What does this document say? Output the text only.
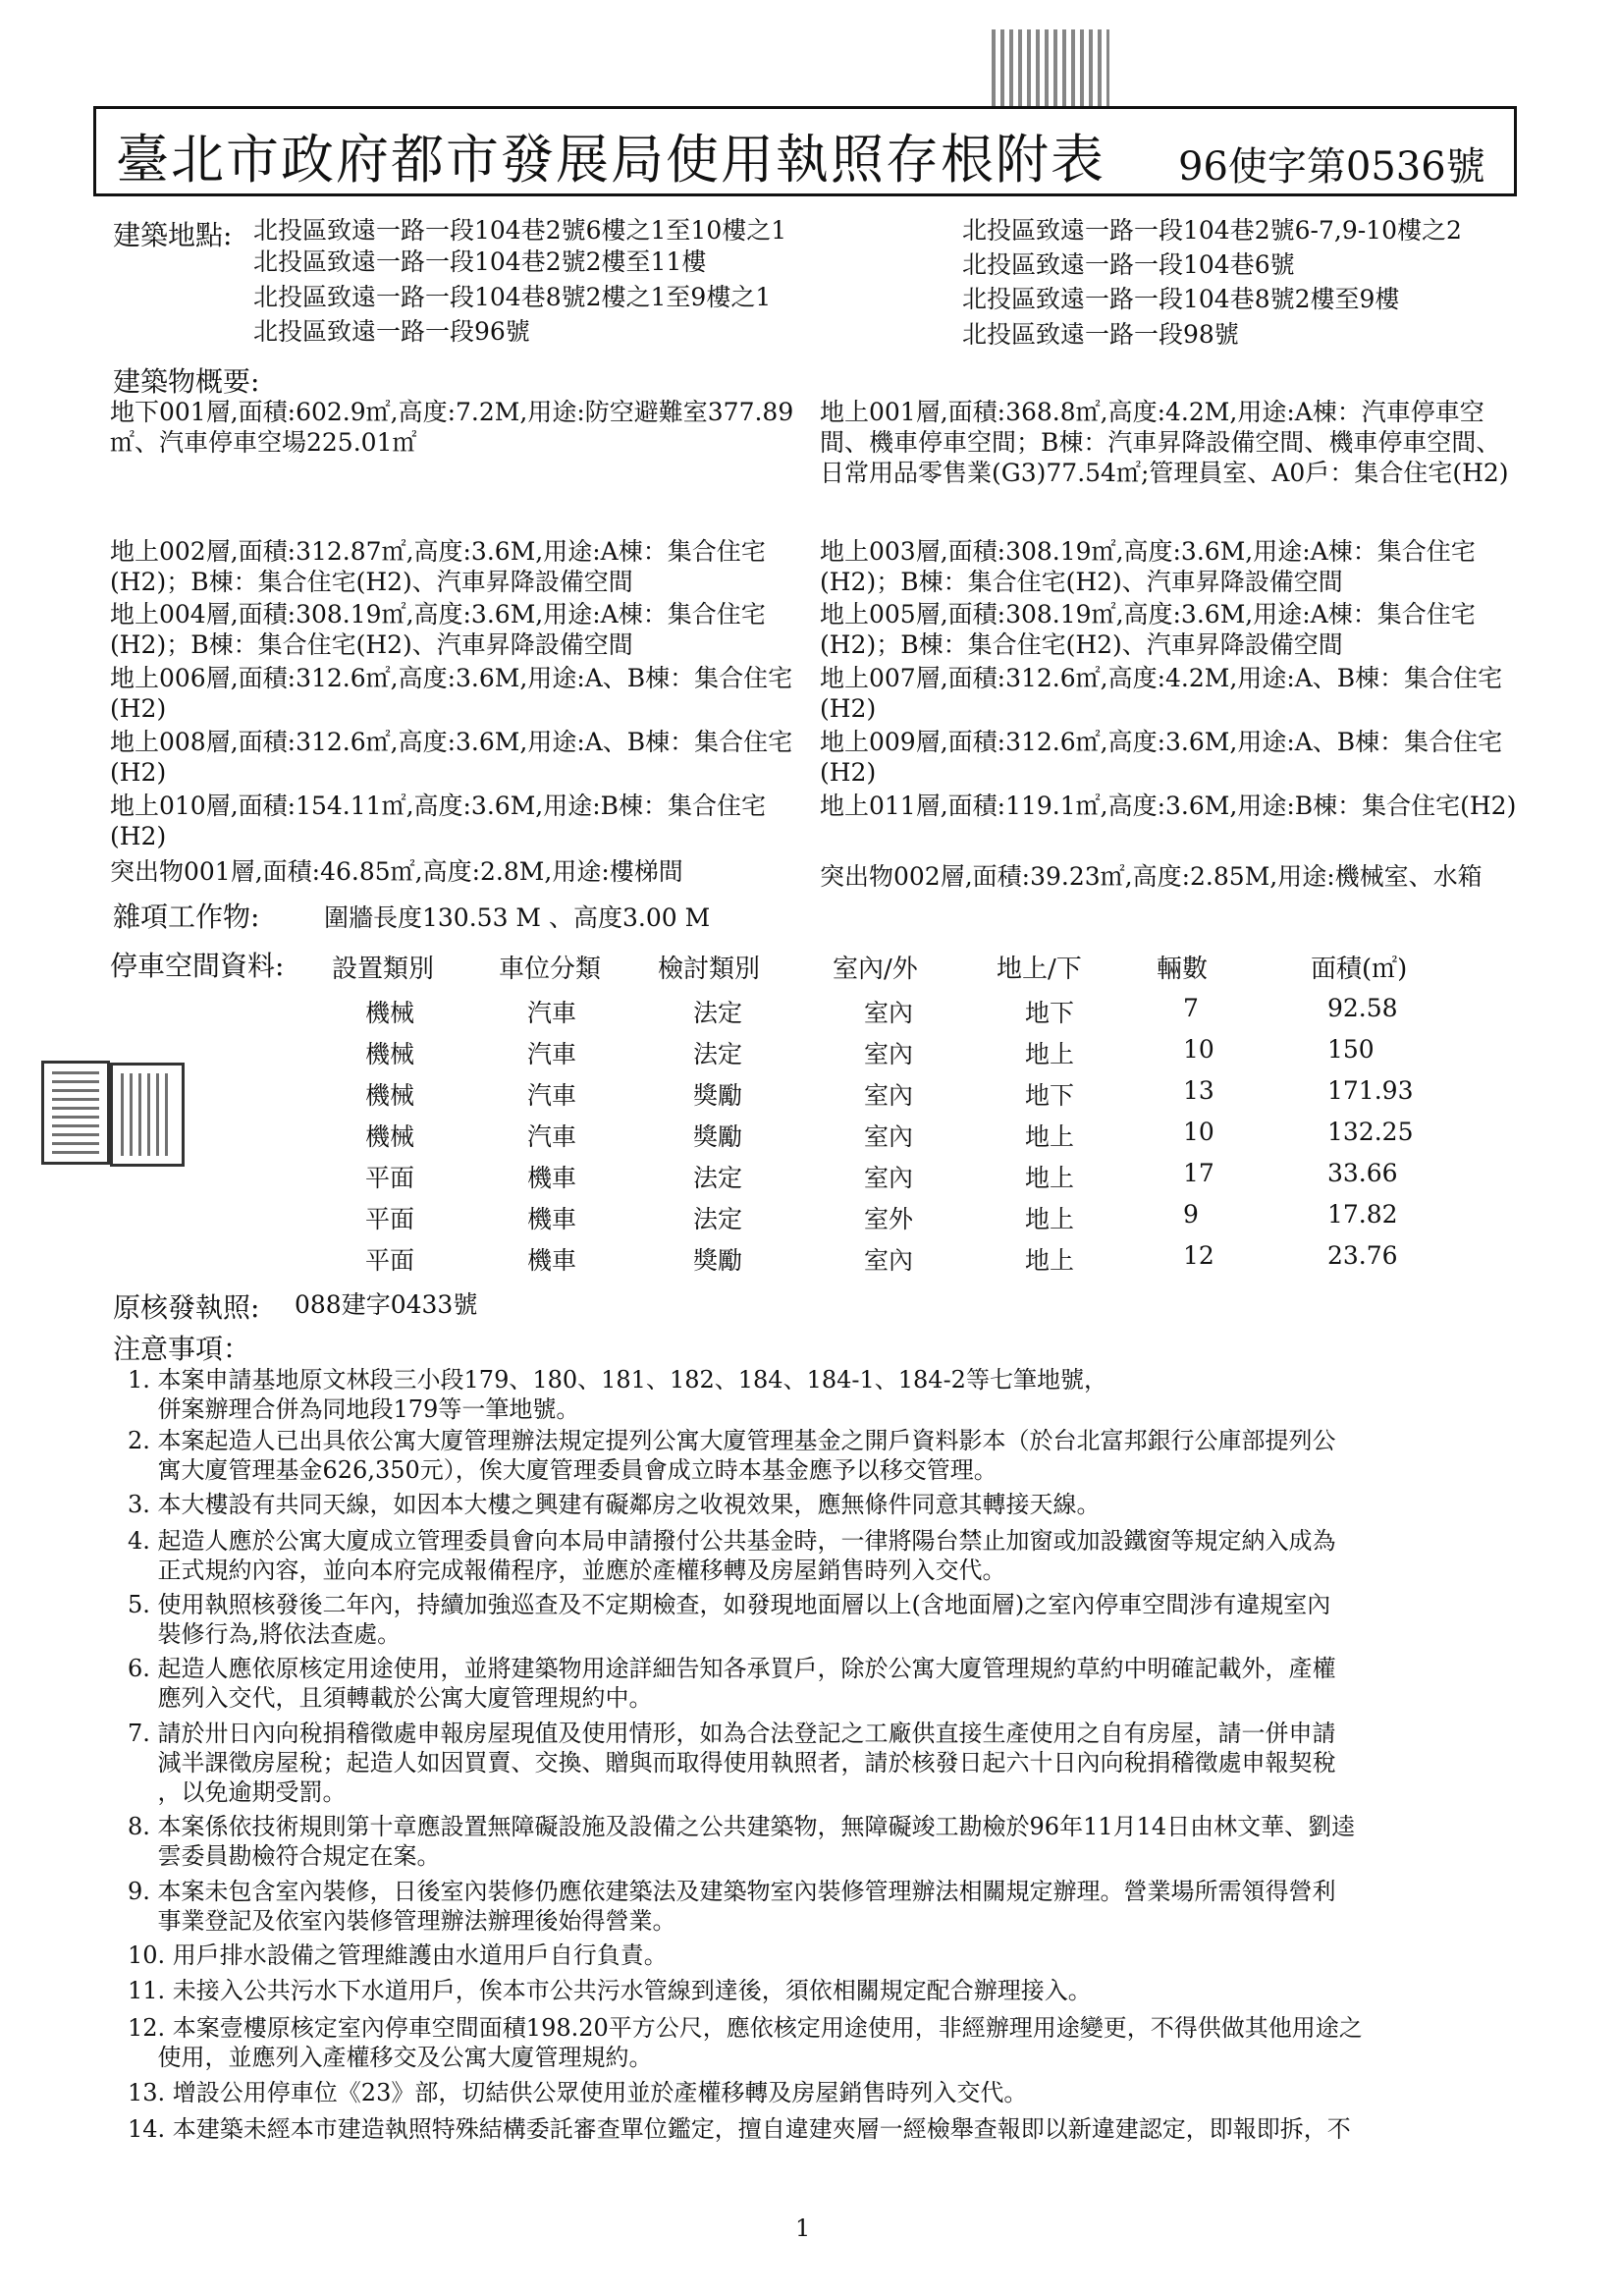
臺北市政府都市發展局使用執照存根附表 96使字第0536號
建築地點: 北投區致遠一路一段104巷2號6樓之1至10樓之1
北投區致遠一路一段104巷2號2樓至11樓
北投區致遠一路一段104巷8號2樓之1至9樓之1
北投區致遠一路一段96號
北投區致遠一路一段104巷2號6-7,9-10樓之2
北投區致遠一路一段104巷6號
北投區致遠一路一段104巷8號2樓至9樓
北投區致遠一路一段98號
建築物概要:
地下001層,面積:602.9㎡,高度:7.2M,用途:防空避難室377.89㎡、汽車停車空場225.01㎡
地上001層,面積:368.8㎡,高度:4.2M,用途:A棟：汽車停車空間、機車停車空間；B棟：汽車昇降設備空間、機車停車空間、日常用品零售業(G3)77.54㎡;管理員室、A0戶：集合住宅(H2)
地上002層,面積:312.87㎡,高度:3.6M,用途:A棟：集合住宅(H2)；B棟：集合住宅(H2)、汽車昇降設備空間
地上003層,面積:308.19㎡,高度:3.6M,用途:A棟：集合住宅(H2)；B棟：集合住宅(H2)、汽車昇降設備空間
地上004層,面積:308.19㎡,高度:3.6M,用途:A棟：集合住宅(H2)；B棟：集合住宅(H2)、汽車昇降設備空間
地上005層,面積:308.19㎡,高度:3.6M,用途:A棟：集合住宅(H2)；B棟：集合住宅(H2)、汽車昇降設備空間
地上006層,面積:312.6㎡,高度:3.6M,用途:A、B棟：集合住宅(H2)
地上007層,面積:312.6㎡,高度:4.2M,用途:A、B棟：集合住宅(H2)
地上008層,面積:312.6㎡,高度:3.6M,用途:A、B棟：集合住宅(H2)
地上009層,面積:312.6㎡,高度:3.6M,用途:A、B棟：集合住宅(H2)
地上010層,面積:154.11㎡,高度:3.6M,用途:B棟：集合住宅(H2)
地上011層,面積:119.1㎡,高度:3.6M,用途:B棟：集合住宅(H2)
突出物001層,面積:46.85㎡,高度:2.8M,用途:樓梯間	突出物002層,面積:39.23㎡,高度:2.85M,用途:機械室、水箱
雜項工作物:	圍牆長度130.53 M 、高度3.00 M
停車空間資料: 設置類別	車位分類 檢討類別	室內/外	地上/下	輛數	面積(㎡)
機械	汽車	法定	室內	地下	7	92.58
機械	汽車	法定	室內	地上	10	150
機械	汽車	獎勵	室內	地下	13	171.93
機械	汽車	獎勵	室內	地上	10	132.25
平面	機車	法定	室內	地上	17	33.66
平面	機車	法定	室外	地上	9	17.82
平面	機車	獎勵	室內	地上	12	23.76
原核發執照: 088建字0433號
注意事項：
1. 本案申請基地原文林段三小段179、180、181、182、184、184-1、184-2等七筆地號，
併案辦理合併為同地段179等一筆地號。
2. 本案起造人已出具依公寓大廈管理辦法規定提列公寓大廈管理基金之開戶資料影本（於台北富邦銀行公庫部提列公
寓大廈管理基金626,350元），俟大廈管理委員會成立時本基金應予以移交管理。
3. 本大樓設有共同天線，如因本大樓之興建有礙鄰房之收視效果，應無條件同意其轉接天線。
4. 起造人應於公寓大廈成立管理委員會向本局申請撥付公共基金時，一律將陽台禁止加窗或加設鐵窗等規定納入成為
正式規約內容，並向本府完成報備程序，並應於產權移轉及房屋銷售時列入交代。
5. 使用執照核發後二年內，持續加強巡查及不定期檢查，如發現地面層以上(含地面層)之室內停車空間涉有違規室內
裝修行為,將依法查處。
6. 起造人應依原核定用途使用，並將建築物用途詳細告知各承買戶，除於公寓大廈管理規約草約中明確記載外，產權
應列入交代，且須轉載於公寓大廈管理規約中。
7. 請於卅日內向稅捐稽徵處申報房屋現值及使用情形，如為合法登記之工廠供直接生產使用之自有房屋，請一併申請
減半課徵房屋稅；起造人如因買賣、交換、贈與而取得使用執照者，請於核發日起六十日內向稅捐稽徵處申報契稅
，以免逾期受罰。
8. 本案係依技術規則第十章應設置無障礙設施及設備之公共建築物，無障礙竣工勘檢於96年11月14日由林文華、劉逵
雲委員勘檢符合規定在案。
9. 本案未包含室內裝修，日後室內裝修仍應依建築法及建築物室內裝修管理辦法相關規定辦理。營業場所需領得營利
事業登記及依室內裝修管理辦法辦理後始得營業。
10. 用戶排水設備之管理維護由水道用戶自行負責。
11. 未接入公共污水下水道用戶，俟本市公共污水管線到達後，須依相關規定配合辦理接入。
12. 本案壹樓原核定室內停車空間面積198.20平方公尺，應依核定用途使用，非經辦理用途變更，不得供做其他用途之
使用，並應列入產權移交及公寓大廈管理規約。
13. 增設公用停車位《23》部，切結供公眾使用並於產權移轉及房屋銷售時列入交代。
14. 本建築未經本市建造執照特殊結構委託審查單位鑑定，擅自違建夾層一經檢舉查報即以新違建認定，即報即拆，不
1
